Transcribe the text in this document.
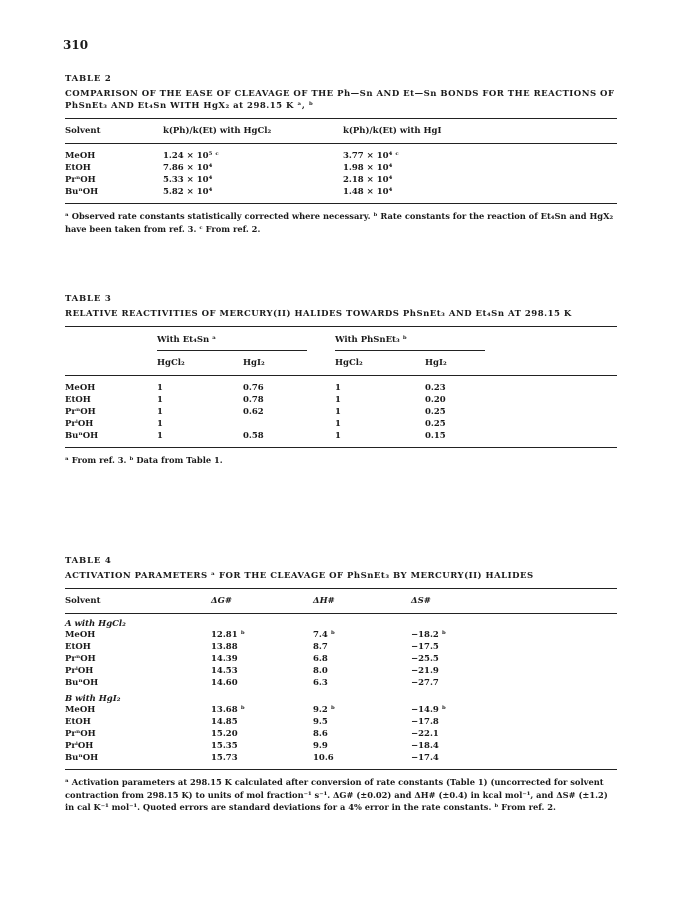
310
TABLE 2
COMPARISON OF THE EASE OF CLEAVAGE OF THE Ph—Sn AND Et—Sn BONDS FOR THE REACTIONS OF PhSnEt₃ AND Et₄Sn WITH HgX₂ at 298.15 K ᵃ, ᵇ
Solvent	k(Ph)/k(Et) with HgCl₂	k(Ph)/k(Et) with HgI
MeOH	1.24 × 10⁵ ᶜ	3.77 × 10⁴ ᶜ
EtOH	7.86 × 10⁴	1.98 × 10⁴
PrⁿOH	5.33 × 10⁴	2.18 × 10⁴
BuⁿOH	5.82 × 10⁴	1.48 × 10⁴
ᵃ Observed rate constants statistically corrected where necessary. ᵇ Rate constants for the reaction of Et₄Sn and HgX₂ have been taken from ref. 3. ᶜ From ref. 2.
TABLE 3
RELATIVE REACTIVITIES OF MERCURY(II) HALIDES TOWARDS PhSnEt₃ AND Et₄Sn AT 298.15 K
	With Et₄Sn ᵃ		With PhSnEt₃ ᵇ		
	HgCl₂	HgI₂	HgCl₂	HgI₂	
MeOH	1	0.76	1	0.23	
EtOH	1	0.78	1	0.20	
PrⁿOH	1	0.62	1	0.25	
PrⁱOH	1		1	0.25	
BuⁿOH	1	0.58	1	0.15	
ᵃ From ref. 3. ᵇ Data from Table 1.
TABLE 4
ACTIVATION PARAMETERS ᵃ FOR THE CLEAVAGE OF PhSnEt₃ BY MERCURY(II) HALIDES
Solvent	ΔG#	ΔH#	ΔS#
A with HgCl₂			
MeOH	12.81 ᵇ	7.4 ᵇ	−18.2 ᵇ
EtOH	13.88	8.7	−17.5
PrⁿOH	14.39	6.8	−25.5
PrⁱOH	14.53	8.0	−21.9
BuⁿOH	14.60	6.3	−27.7
B with HgI₂			
MeOH	13.68 ᵇ	9.2 ᵇ	−14.9 ᵇ
EtOH	14.85	9.5	−17.8
PrⁿOH	15.20	8.6	−22.1
PrⁱOH	15.35	9.9	−18.4
BuⁿOH	15.73	10.6	−17.4
ᵃ Activation parameters at 298.15 K calculated after conversion of rate constants (Table 1) (uncorrected for solvent contraction from 298.15 K) to units of mol fraction⁻¹ s⁻¹. ΔG# (±0.02) and ΔH# (±0.4) in kcal mol⁻¹, and ΔS# (±1.2) in cal K⁻¹ mol⁻¹. Quoted errors are standard deviations for a 4% error in the rate constants. ᵇ From ref. 2.
